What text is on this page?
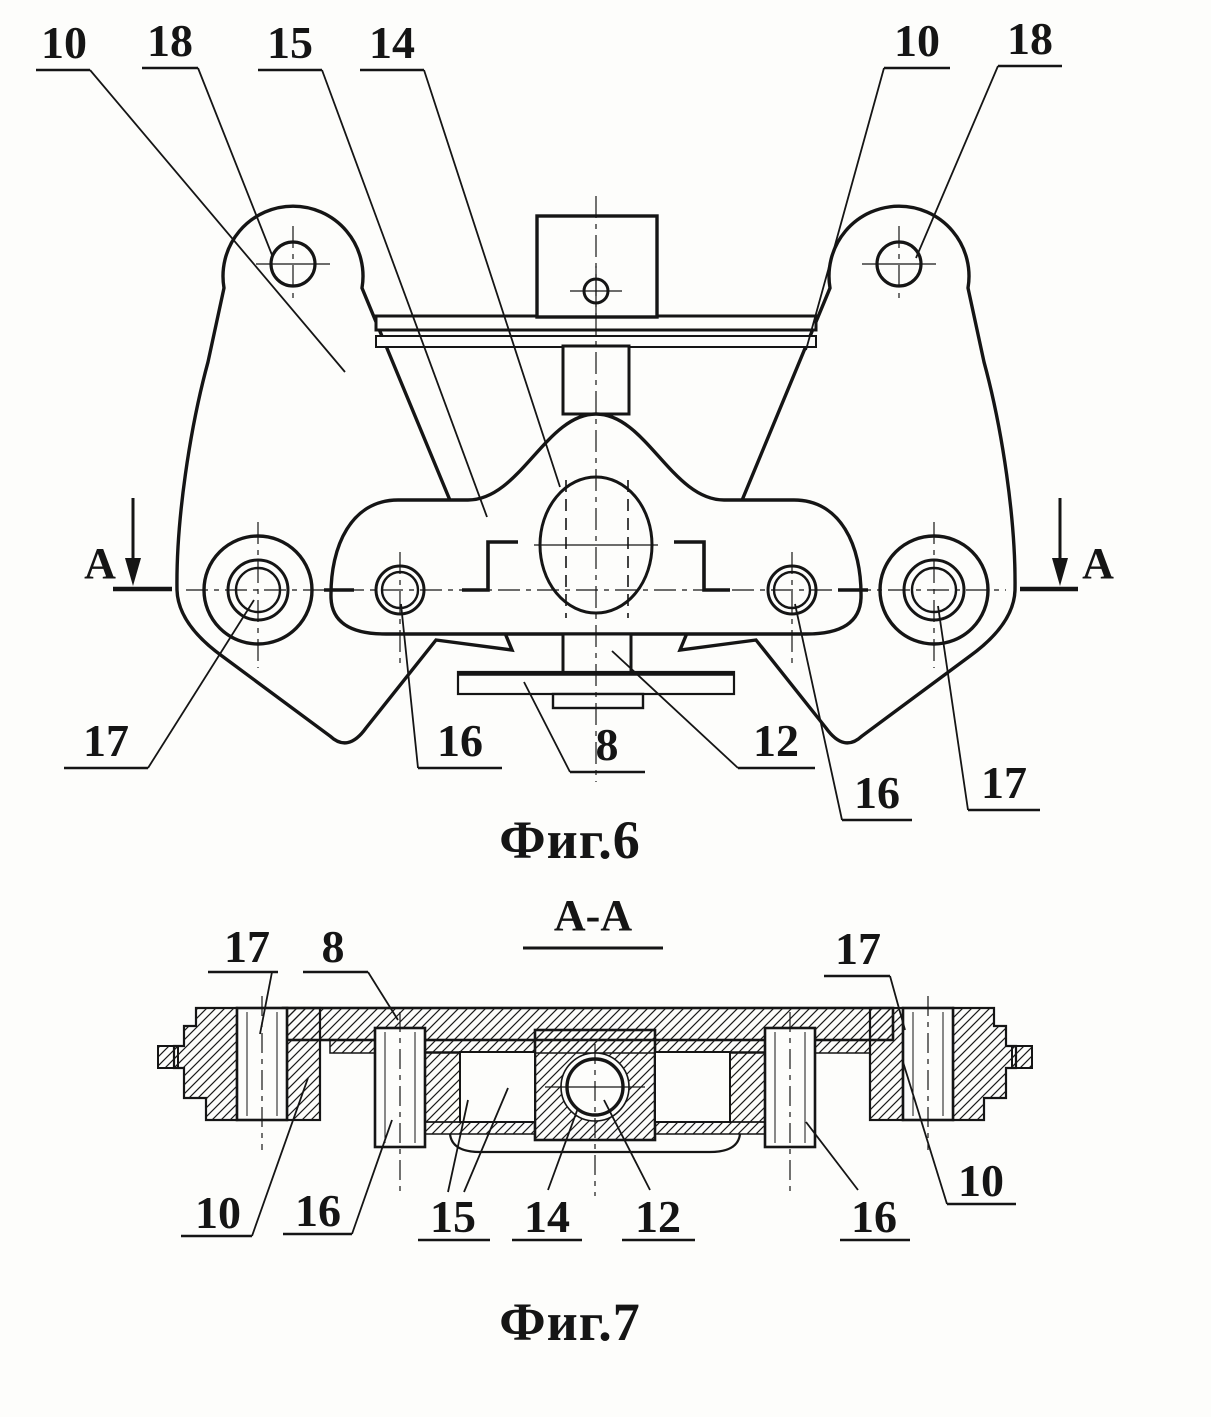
A	A
10 18 15 14	10 18
17	16 8	12
16 17
Фиг.6
A-A
17 8	17
10 16 15 14 12	16
10
Фиг.7
